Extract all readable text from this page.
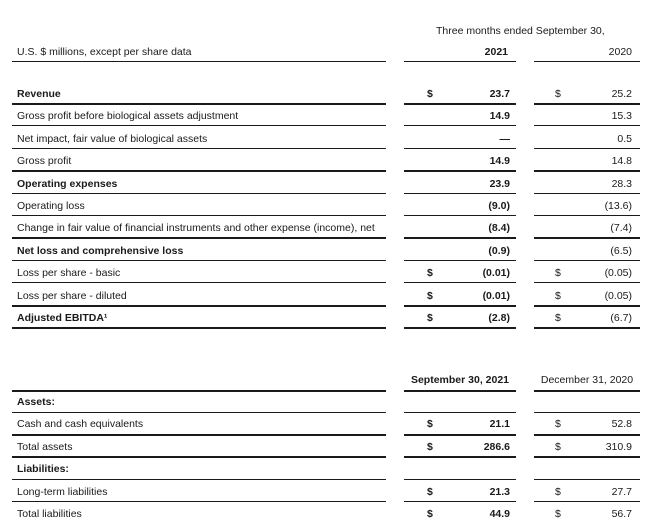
Three months ended September 30,
U.S. $ millions, except per share data	2021	2020
Revenue	$	23.7	$	25.2
Gross profit before biological assets adjustment	14.9	15.3
Net impact, fair value of biological assets	—	0.5
Gross profit	14.9	14.8
Operating expenses	23.9	28.3
Operating loss	(9.0)	(13.6)
Change in fair value of financial instruments and other expense (income), net	(8.4)	(7.4)
Net loss and comprehensive loss	(0.9)	(6.5)
Loss per share - basic	$	(0.01)	$	(0.05)
Loss per share - diluted	$	(0.01)	$	(0.05)
Adjusted EBITDA¹	$	(2.8)	$	(6.7)
September 30, 2021	December 31, 2020
Assets:
Cash and cash equivalents	$	21.1	$	52.8
Total assets	$	286.6	$	310.9
Liabilities:
Long-term liabilities	$	21.3	$	27.7
Total liabilities	$	44.9	$	56.7
